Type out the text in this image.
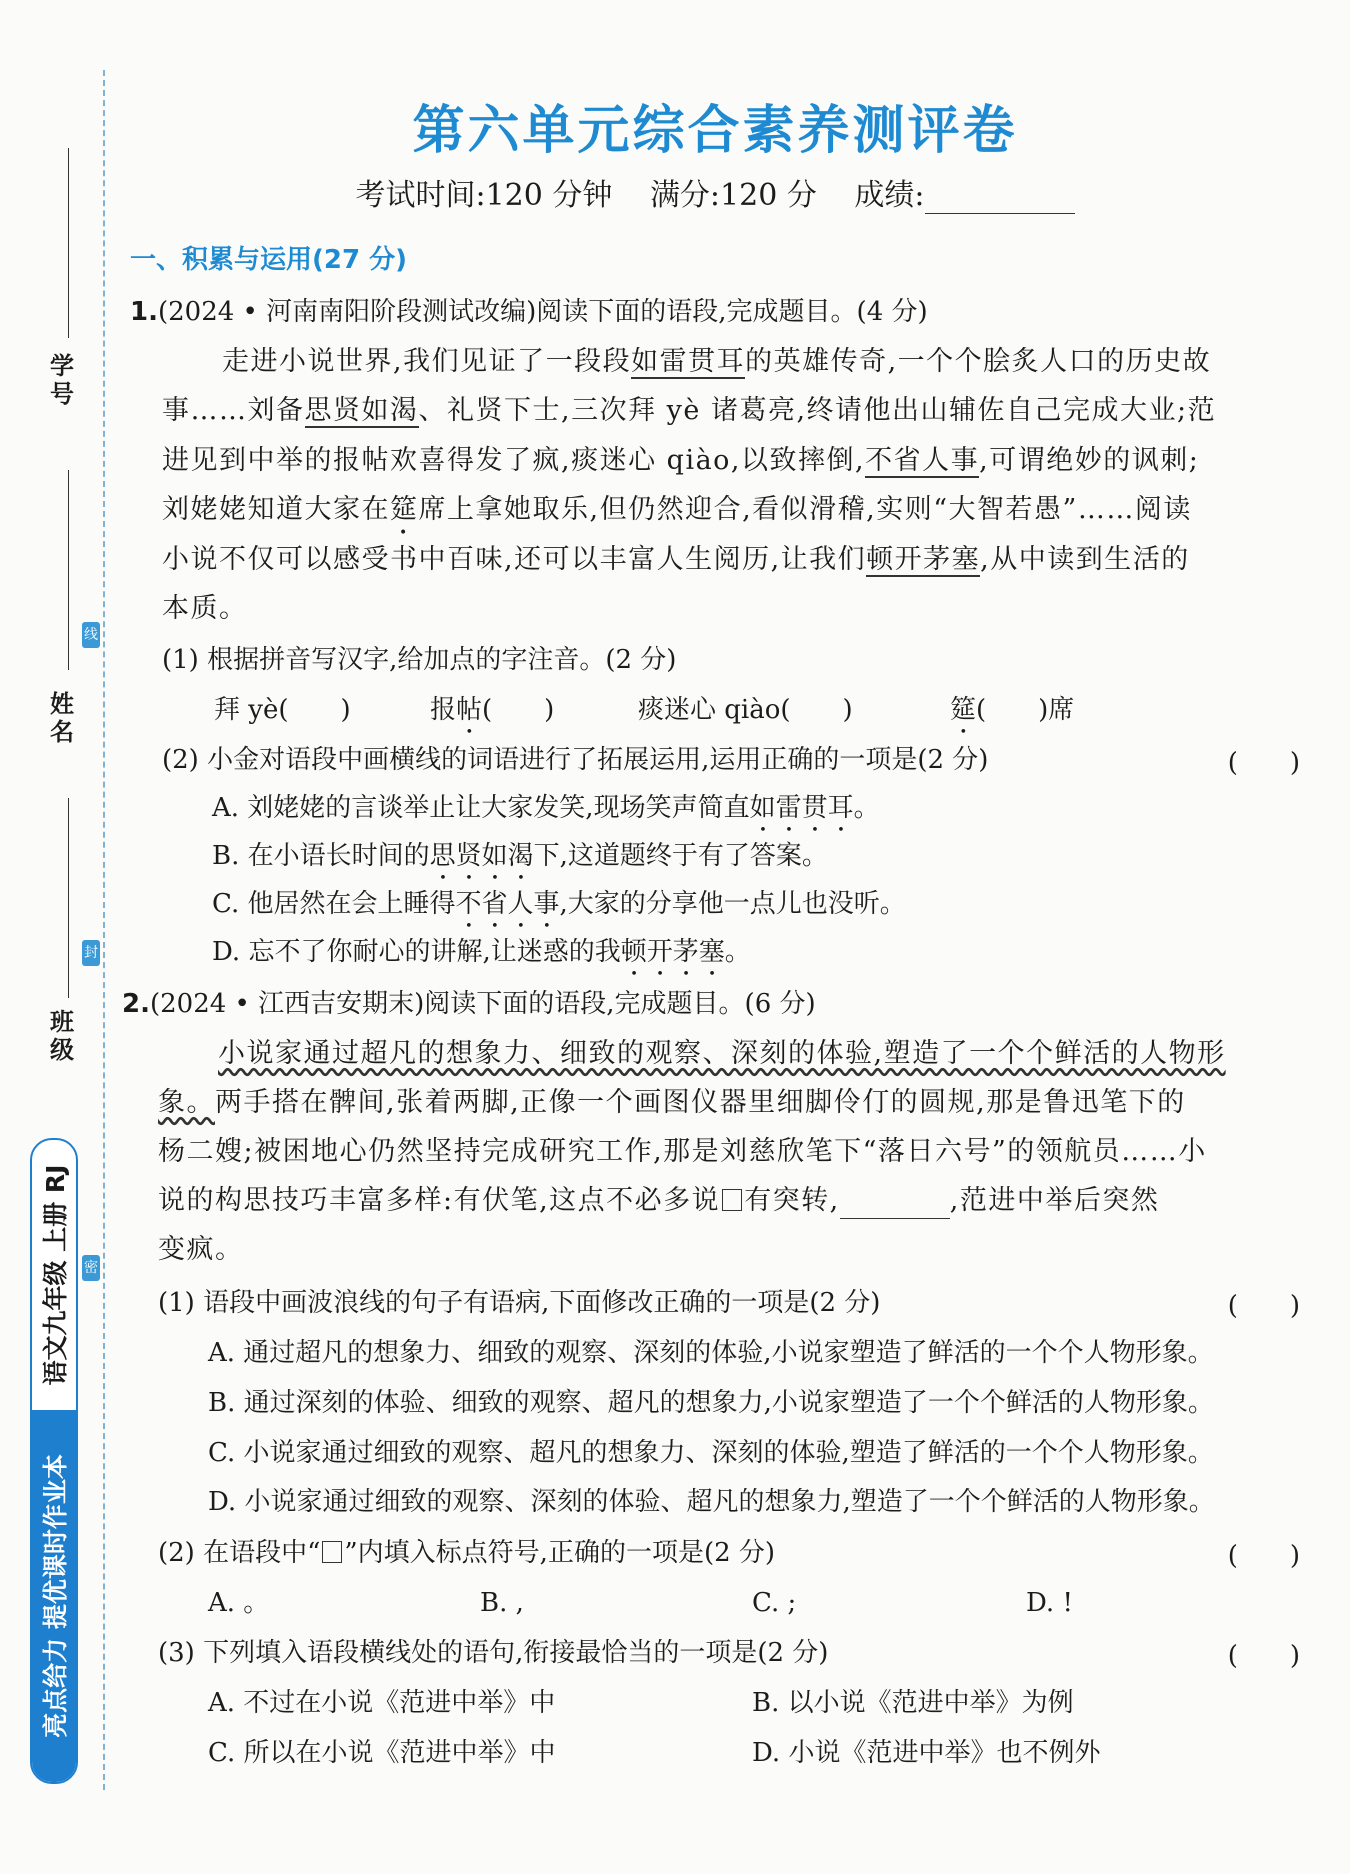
学号
姓名
班级
线
封
密
语文九年级 上册 RJ
亮点给力 提优课时作业本
第六单元综合素养测评卷
考试时间:120 分钟 满分:120 分 成绩:
一、积累与运用(27 分)
1.(2024 • 河南南阳阶段测试改编)阅读下面的语段,完成题目。(4 分)
走进小说世界,我们见证了一段段如雷贯耳的英雄传奇,一个个脍炙人口的历史故
事……刘备思贤如渴、礼贤下士,三次拜 yè 诸葛亮,终请他出山辅佐自己完成大业;范
进见到中举的报帖欢喜得发了疯,痰迷心 qiào,以致摔倒,不省人事,可谓绝妙的讽刺;
刘姥姥知道大家在筵席上拿她取乐,但仍然迎合,看似滑稽,实则“大智若愚”……阅读
小说不仅可以感受书中百味,还可以丰富人生阅历,让我们顿开茅塞,从中读到生活的
本质。
(1) 根据拼音写汉字,给加点的字注音。(2 分)
拜 yè(　　)	报帖(　　)	痰迷心 qiào(　　)	筵(　　)席
(2) 小金对语段中画横线的词语进行了拓展运用,运用正确的一项是(2 分)	(　　)
A. 刘姥姥的言谈举止让大家发笑,现场笑声简直如雷贯耳。
B. 在小语长时间的思贤如渴下,这道题终于有了答案。
C. 他居然在会上睡得不省人事,大家的分享他一点儿也没听。
D. 忘不了你耐心的讲解,让迷惑的我顿开茅塞。
2.(2024 • 江西吉安期末)阅读下面的语段,完成题目。(6 分)
小说家通过超凡的想象力、细致的观察、深刻的体验,塑造了一个个鲜活的人物形
象。两手搭在髀间,张着两脚,正像一个画图仪器里细脚伶仃的圆规,那是鲁迅笔下的
杨二嫂;被困地心仍然坚持完成研究工作,那是刘慈欣笔下“落日六号”的领航员……小
说的构思技巧丰富多样:有伏笔,这点不必多说 有突转,	,范进中举后突然
变疯。
(1) 语段中画波浪线的句子有语病,下面修改正确的一项是(2 分)	(　　)
A. 通过超凡的想象力、细致的观察、深刻的体验,小说家塑造了鲜活的一个个人物形象。
B. 通过深刻的体验、细致的观察、超凡的想象力,小说家塑造了一个个鲜活的人物形象。
C. 小说家通过细致的观察、超凡的想象力、深刻的体验,塑造了鲜活的一个个人物形象。
D. 小说家通过细致的观察、深刻的体验、超凡的想象力,塑造了一个个鲜活的人物形象。
(2) 在语段中“ ”内填入标点符号,正确的一项是(2 分)	(　　)
A. 。	B. ,	C. ;	D. !
(3) 下列填入语段横线处的语句,衔接最恰当的一项是(2 分)	(　　)
A. 不过在小说《范进中举》中	B. 以小说《范进中举》为例
C. 所以在小说《范进中举》中	D. 小说《范进中举》也不例外
